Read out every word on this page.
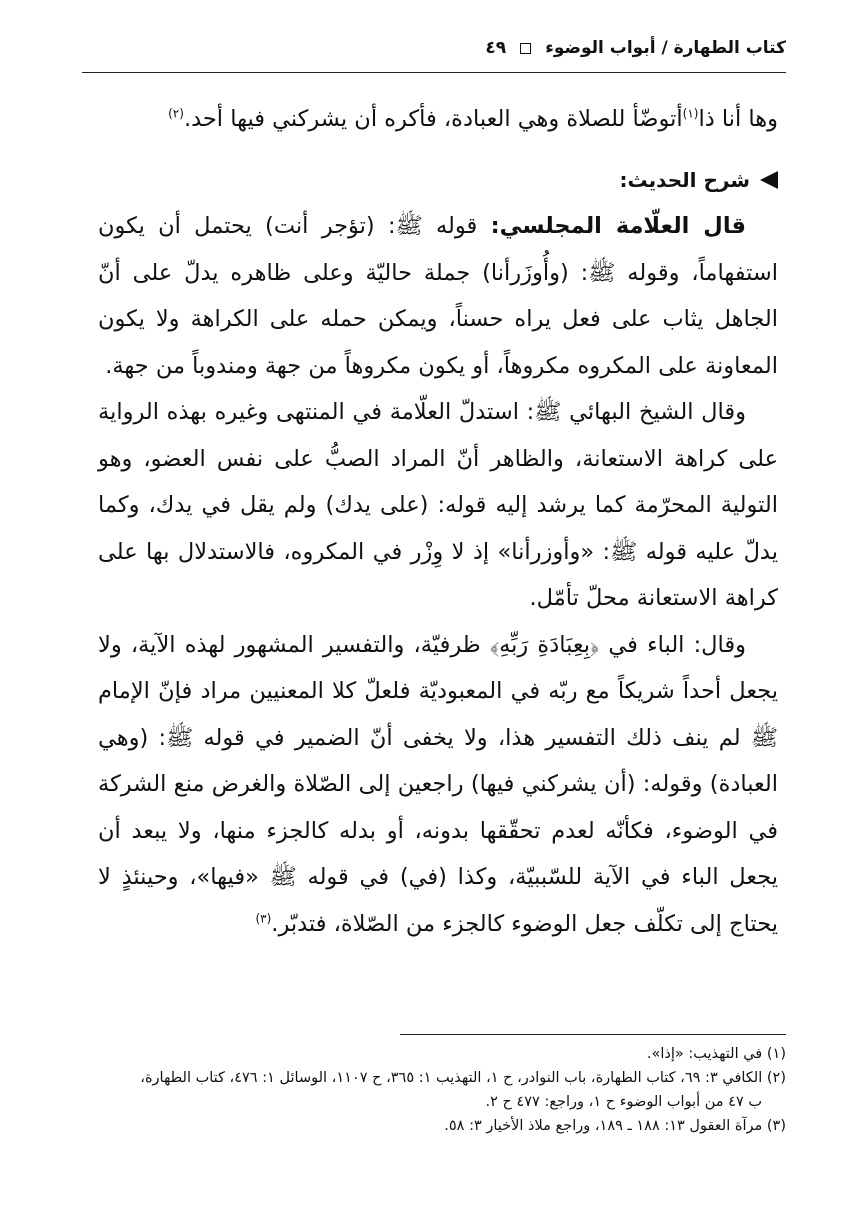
كتاب الطهارة / أبواب الوضوء
٤٩

وها أنا ذا$^{(١)}$أتوضّأ للصلاة وهي العبادة، فأكره أن يشركني فيها أحد.$^{(٢)}$

شرح الحديث:

قال العلّامة المجلسي: قوله ﷺ: (تؤجر أنت) يحتمل أن يكون استفهاماً، وقوله ﷺ: (وأُوزَرأنا) جملة حاليّة وعلى ظاهره يدلّ على أنّ الجاهل يثاب على فعل يراه حسناً، ويمكن حمله على الكراهة ولا يكون المعاونة على المكروه مكروهاً، أو يكون مكروهاً من جهة ومندوباً من جهة.

وقال الشيخ البهائي ﷺ: استدلّ العلّامة في المنتهى وغيره بهذه الرواية على كراهة الاستعانة، والظاهر أنّ المراد الصبُّ على نفس العضو، وهو التولية المحرّمة كما يرشد إليه قوله: (على يدك) ولم يقل في يدك، وكما يدلّ عليه قوله ﷺ: «وأوزرأنا» إذ لا وِزْر في المكروه، فالاستدلال بها على كراهة الاستعانة محلّ تأمّل.

وقال: الباء في ﴿بِعِبَادَةِ رَبِّهِ﴾ ظرفيّة، والتفسير المشهور لهذه الآية، ولا يجعل أحداً شريكاً مع ربّه في المعبوديّة فلعلّ كلا المعنيين مراد فإنّ الإمام ﷺ لم ينف ذلك التفسير هذا، ولا يخفى أنّ الضمير في قوله ﷺ: (وهي العبادة) وقوله: (أن يشركني فيها) راجعين إلى الصّلاة والغرض منع الشركة في الوضوء، فكأنّه لعدم تحقّقها بدونه، أو بدله كالجزء منها، ولا يبعد أن يجعل الباء في الآية للسّببيّة، وكذا (في) في قوله ﷺ «فيها»، وحينئذٍ لا يحتاج إلى تكلّف جعل الوضوء كالجزء من الصّلاة، فتدبّر.$^{(٣)}$

(١) في التهذيب: «إذا».
(٢) الكافي ٣: ٦٩، كتاب الطهارة، باب النوادر، ح ١، التهذيب ١: ٣٦٥، ح ١١٠٧، الوسائل ١: ٤٧٦، كتاب الطهارة،
ب ٤٧ من أبواب الوضوء ح ١، وراجع: ٤٧٧ ح ٢.
(٣) مرآة العقول ١٣: ١٨٨ ـ ١٨٩، وراجع ملاذ الأخيار ٣: ٥٨.
